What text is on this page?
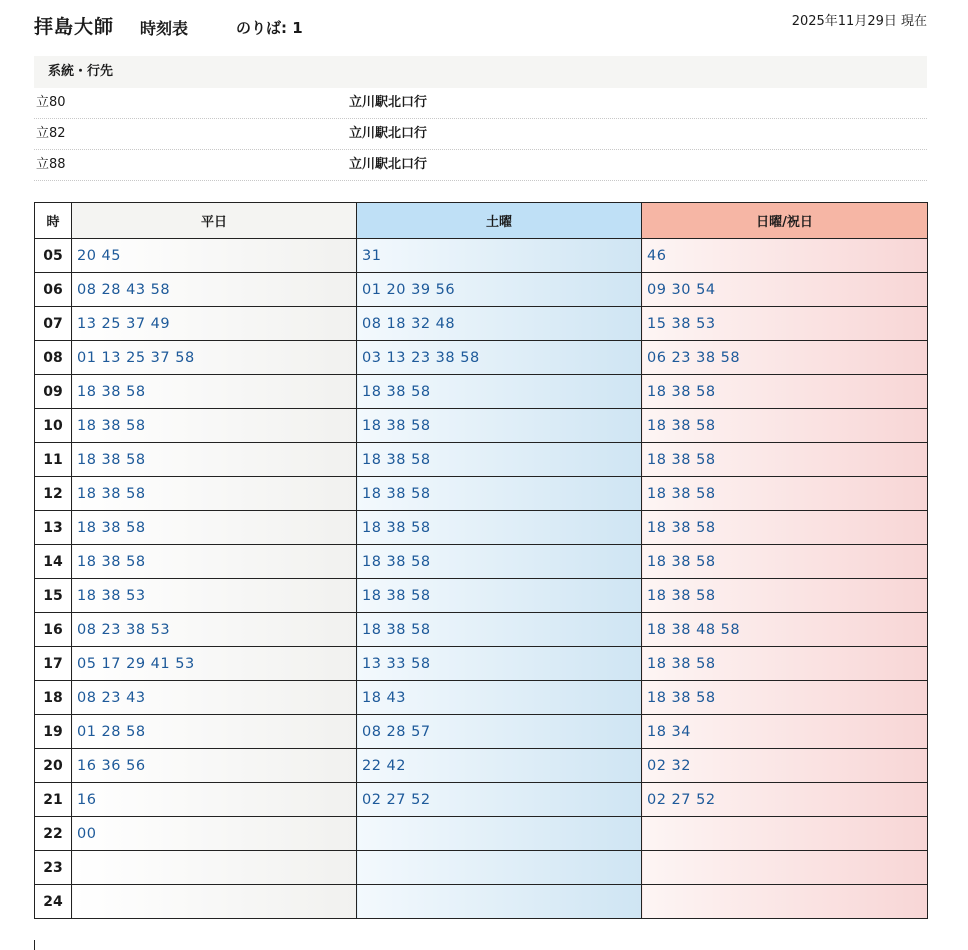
拝島大師 時刻表	のりば: 1	2025年11月29日 現在
系統・行先
立80	立川駅北口行
立82	立川駅北口行
立88	立川駅北口行
時	平日	土曜	日曜/祝日
05	20 45	31	46
06	08 28 43 58	01 20 39 56	09 30 54
07	13 25 37 49	08 18 32 48	15 38 53
08	01 13 25 37 58	03 13 23 38 58	06 23 38 58
09	18 38 58	18 38 58	18 38 58
10	18 38 58	18 38 58	18 38 58
11	18 38 58	18 38 58	18 38 58
12	18 38 58	18 38 58	18 38 58
13	18 38 58	18 38 58	18 38 58
14	18 38 58	18 38 58	18 38 58
15	18 38 53	18 38 58	18 38 58
16	08 23 38 53	18 38 58	18 38 48 58
17	05 17 29 41 53	13 33 58	18 38 58
18	08 23 43	18 43	18 38 58
19	01 28 58	08 28 57	18 34
20	16 36 56	22 42	02 32
21	16	02 27 52	02 27 52
22	00		
23			
24			
